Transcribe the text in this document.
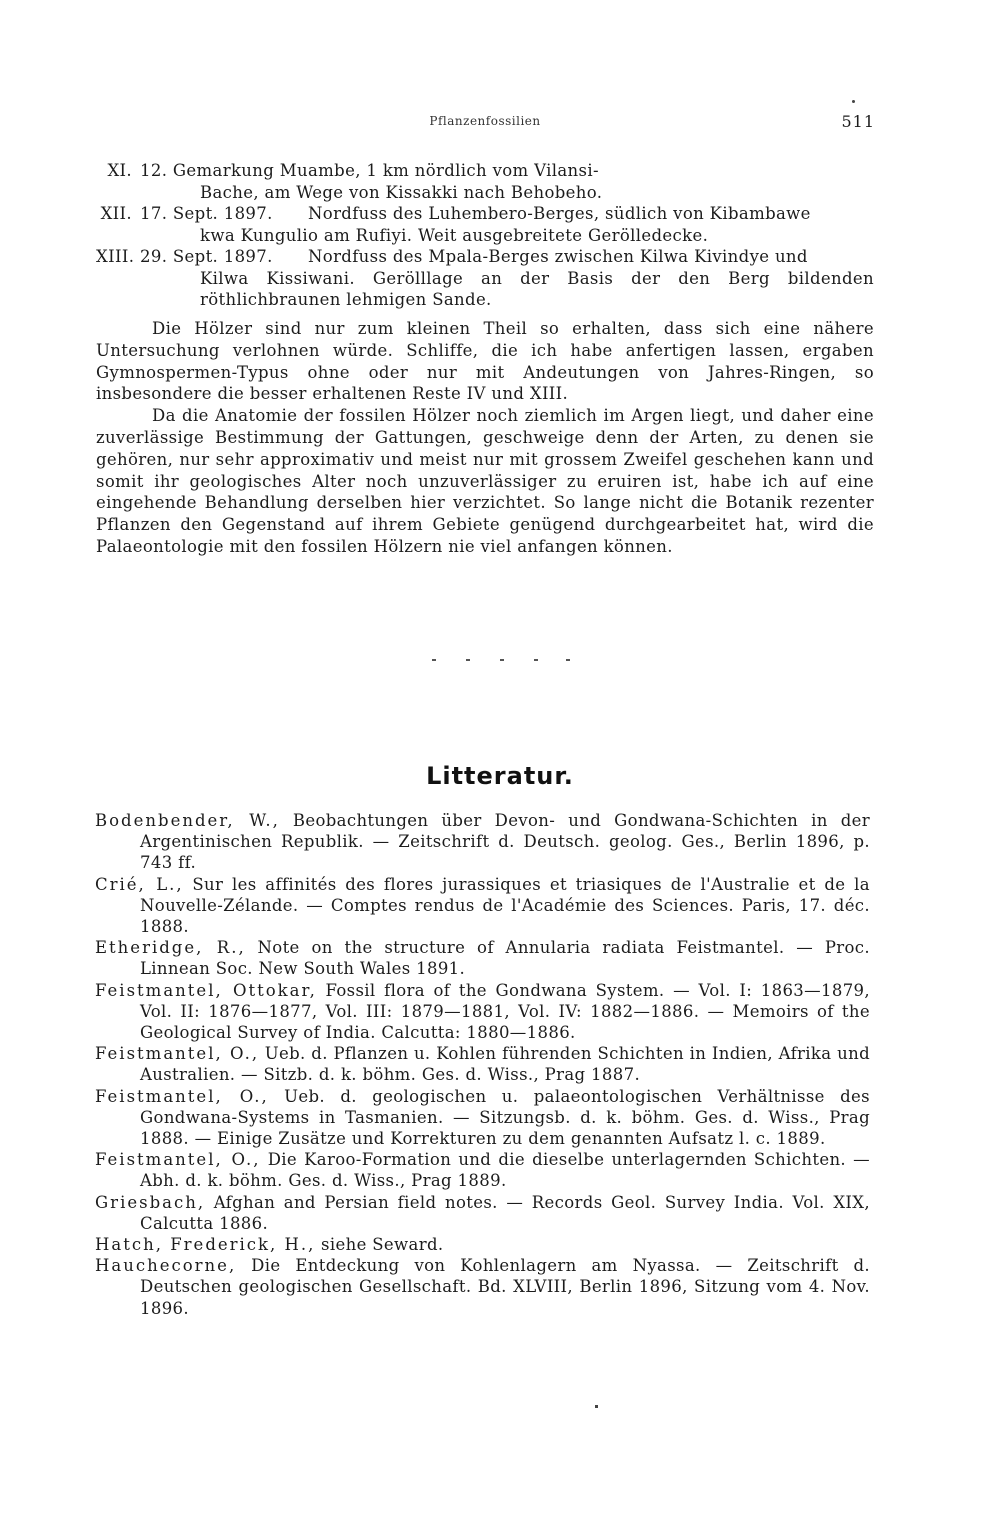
Pflanzenfossilien	511
XI. 12. Gemarkung Muambe, 1 km nördlich vom Vilansi-

Bache, am Wege von Kissakki nach Behobeho.
XII. 17. Sept. 1897. Nordfuss des Luhembero-Berges, südlich von Kibambawe

kwa Kungulio am Rufiyi. Weit ausgebreitete Gerölledecke.
XIII. 29. Sept. 1897. Nordfuss des Mpala-Berges zwischen Kilwa Kivindye und

Kilwa Kissiwani. Gerölllage an der Basis der den Berg bildenden röthlichbraunen lehmigen Sande.

Die Hölzer sind nur zum kleinen Theil so erhalten, dass sich eine nähere Untersuchung verlohnen würde. Schliffe, die ich habe anfertigen lassen, ergaben Gymnospermen-Typus ohne oder nur mit Andeutungen von Jahres-Ringen, so insbesondere die besser erhaltenen Reste IV und XIII.

Da die Anatomie der fossilen Hölzer noch ziemlich im Argen liegt, und daher eine zuverlässige Bestimmung der Gattungen, geschweige denn der Arten, zu denen sie gehören, nur sehr approximativ und meist nur mit grossem Zweifel geschehen kann und somit ihr geologisches Alter noch unzuverlässiger zu eruiren ist, habe ich auf eine eingehende Behandlung derselben hier verzichtet. So lange nicht die Botanik rezenter Pflanzen den Gegenstand auf ihrem Gebiete genügend durchgearbeitet hat, wird die Palaeontologie mit den fossilen Hölzern nie viel anfangen können.

Litteratur.

Bodenbender, W., Beobachtungen über Devon- und Gondwana-Schichten in der Argentinischen Republik. — Zeitschrift d. Deutsch. geolog. Ges., Berlin 1896, p. 743 ff.

Crié, L., Sur les affinités des flores jurassiques et triasiques de l'Australie et de la Nouvelle-Zélande. — Comptes rendus de l'Académie des Sciences. Paris, 17. déc. 1888.

Etheridge, R., Note on the structure of Annularia radiata Feistmantel. — Proc. Linnean Soc. New South Wales 1891.

Feistmantel, Ottokar, Fossil flora of the Gondwana System. — Vol. I: 1863—1879, Vol. II: 1876—1877, Vol. III: 1879—1881, Vol. IV: 1882—1886. — Memoirs of the Geological Survey of India. Calcutta: 1880—1886.

Feistmantel, O., Ueb. d. Pflanzen u. Kohlen führenden Schichten in Indien, Afrika und Australien. — Sitzb. d. k. böhm. Ges. d. Wiss., Prag 1887.

Feistmantel, O., Ueb. d. geologischen u. palaeontologischen Verhältnisse des Gondwana-Systems in Tasmanien. — Sitzungsb. d. k. böhm. Ges. d. Wiss., Prag 1888. — Einige Zusätze und Korrekturen zu dem genannten Aufsatz l. c. 1889.

Feistmantel, O., Die Karoo-Formation und die dieselbe unterlagernden Schichten. — Abh. d. k. böhm. Ges. d. Wiss., Prag 1889.

Griesbach, Afghan and Persian field notes. — Records Geol. Survey India. Vol. XIX, Calcutta 1886.

Hatch, Frederick, H., siehe Seward.

Hauchecorne, Die Entdeckung von Kohlenlagern am Nyassa. — Zeitschrift d. Deutschen geologischen Gesellschaft. Bd. XLVIII, Berlin 1896, Sitzung vom 4. Nov. 1896.
